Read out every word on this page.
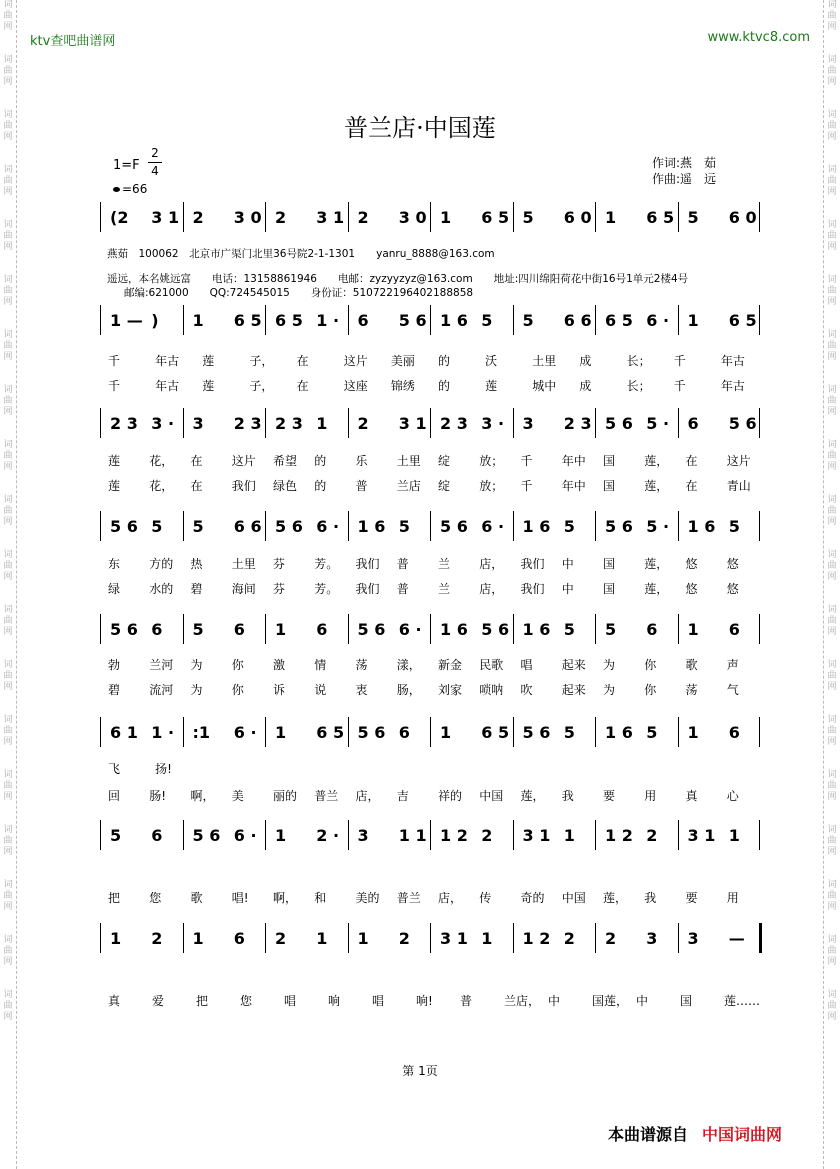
词
曲
网
词
曲
网
词
曲
网
词
曲
网
词
曲
网
词
曲
网
词
曲
网
词
曲
网
词
曲
网
词
曲
网
词
曲
网
词
曲
网
词
曲
网
词
曲
网
词
曲
网
词
曲
网
词
曲
网
词
曲
网
词
曲
网
词
曲
网
词
曲
网
词
曲
网
词
曲
网
词
曲
网
词
曲
网
词
曲
网
词
曲
网
词
曲
网
词
曲
网
词
曲
网
词
曲
网
词
曲
网
词
曲
网
词
曲
网
词
曲
网
词
曲
网
词
曲
网
词
曲
网
ktv查吧曲谱网	www.ktvc8.com
普兰店·中国莲
1=F
2
4
=66
作词:燕　茹
作曲:遥　远
燕茹　100062　北京市广渠门北里36号院2-1-1301　　yanru_8888@163.com
遥远，本名姚远富　　电话：13158861946　　电邮：zyzyyzyz@163.com　　地址:四川绵阳荷花中街16号1单元2楼4号
邮编:621000　　QQ:724545015　　身份证：510722196402188858
(2 3 1 2 3 0 2 3 1 2 3 0 1 6 5 5 6 0 1 6 5 5 6 0
1 — ) 1 6 5 6 5 1 · 6 5 6 1 6 5 5 6 6 6 5 6 · 1 6 5
2 3 3 · 3 2 3 2 3 1 2 3 1 2 3 3 · 3 2 3 5 6 5 · 6 5 6
5 6 5 5 6 6 5 6 6 · 1 6 5 5 6 6 · 1 6 5 5 6 5 · 1 6 5
5 6 6 5 6 1 6 5 6 6 · 1 6 5 6 1 6 5 5 6 1 6
6 1 1 · :1 6 · 1 6 5 5 6 6 1 6 5 5 6 5 1 6 5 1 6
5 6 5 6 6 · 1 2 · 3 1 1 1 2 2 3 1 1 1 2 2 3 1 1
1 2 1 6 2 1 1 2 3 1 1 1 2 2 2 3 3 —
千	年古 莲	子， 在	这片 美丽 的	沃	土里 成	长； 千	年古
千	年古 莲	子， 在	这座 锦绣 的	莲	城中 成	长； 千	年古
莲 花， 在 这片 希望 的 乐 土里 绽 放； 千 年中 国 莲， 在 这片
莲 花， 在 我们 绿色 的 普 兰店 绽 放； 千 年中 国 莲， 在 青山
东 方的 热 土里 芬 芳。 我们 普 兰 店， 我们 中 国 莲， 悠 悠
绿 水的 碧 海间 芬 芳。 我们 普 兰 店， 我们 中 国 莲， 悠 悠
勃 兰河 为 你 激 情 荡 漾， 新金 民歌 唱 起来 为 你 歌 声
碧 流河 为 你 诉 说 衷 肠， 刘家 唢呐 吹 起来 为 你 荡 气
飞	扬!
回 肠! 啊， 美 丽的 普兰 店， 吉 祥的 中国 莲， 我 要 用 真 心
把 您 歌 唱! 啊， 和 美的 普兰 店， 传 奇的 中国 莲， 我 要 用
真	爱	把	您	唱	响	唱	响! 普	兰店， 中	国莲， 中	国	莲……
第 1页
本曲谱源自 中国词曲网
